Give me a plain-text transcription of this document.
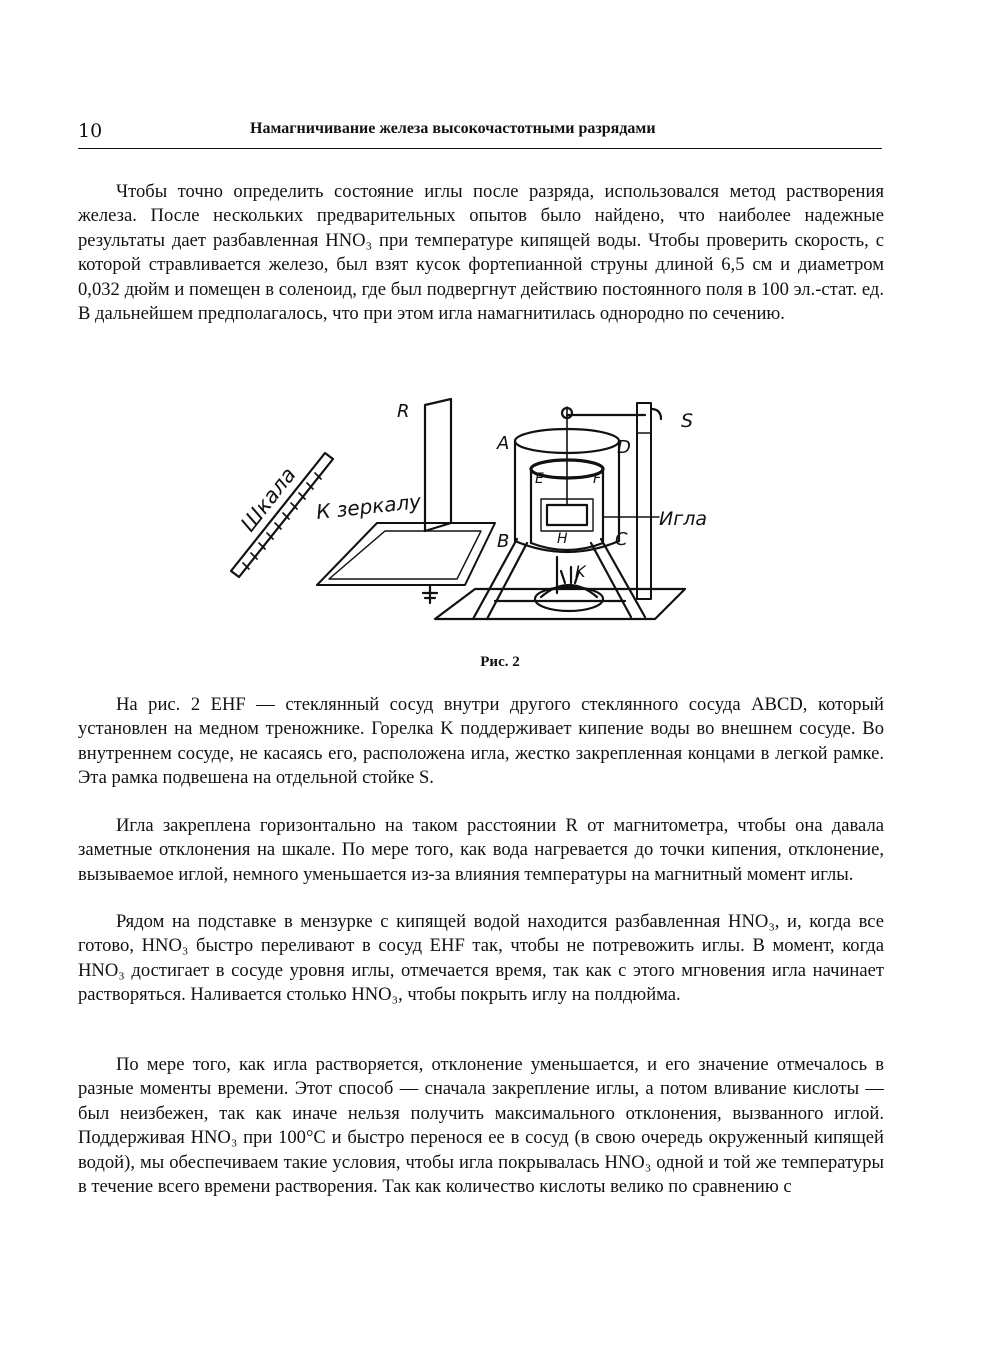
10	Намагничивание железа высокочастотными разрядами
Чтобы точно определить состояние иглы после разряда, использовался метод растворения железа. После нескольких предварительных опытов было найдено, что наиболее надежные результаты дает разбавленная HNO₃ при температуре кипящей воды. Чтобы проверить скорость, с которой стравливается железо, был взят кусок фортепианной струны длиной 6,5 см и диаметром 0,032 дюйм и помещен в соленоид, где был подвергнут действию постоянного поля в 100 эл.-стат. ед. В дальнейшем предполагалось, что при этом игла намагнитилась однородно по сечению.
Шкала К зеркалу	Игла
R
A
B	C
D
E	F
H
K
S
Рис. 2
На рис. 2 EHF — стеклянный сосуд внутри другого стеклянного сосуда ABCD, который установлен на медном треножнике. Горелка K поддерживает кипение воды во внешнем сосуде. Во внутреннем сосуде, не касаясь его, расположена игла, жестко закрепленная концами в легкой рамке. Эта рамка подвешена на отдельной стойке S.
Игла закреплена горизонтально на таком расстоянии R от магнитометра, чтобы она давала заметные отклонения на шкале. По мере того, как вода нагревается до точки кипения, отклонение, вызываемое иглой, немного уменьшается из-за влияния температуры на магнитный момент иглы.
Рядом на подставке в мензурке с кипящей водой находится разбавленная HNO₃, и, когда все готово, HNO₃ быстро переливают в сосуд EHF так, чтобы не потревожить иглы. В момент, когда HNO₃ достигает в сосуде уровня иглы, отмечается время, так как с этого мгновения игла начинает растворяться. Наливается столько HNO₃, чтобы покрыть иглу на полдюйма.
По мере того, как игла растворяется, отклонение уменьшается, и его значение отмечалось в разные моменты времени. Этот способ — сначала закрепление иглы, а потом вливание кислоты — был неизбежен, так как иначе нельзя получить максимального отклонения, вызванного иглой. Поддерживая HNO₃ при 100°C и быстро перенося ее в сосуд (в свою очередь окруженный кипящей водой), мы обеспечиваем такие условия, чтобы игла покрывалась HNO₃ одной и той же температуры в течение всего времени растворения. Так как количество кислоты велико по сравнению с
